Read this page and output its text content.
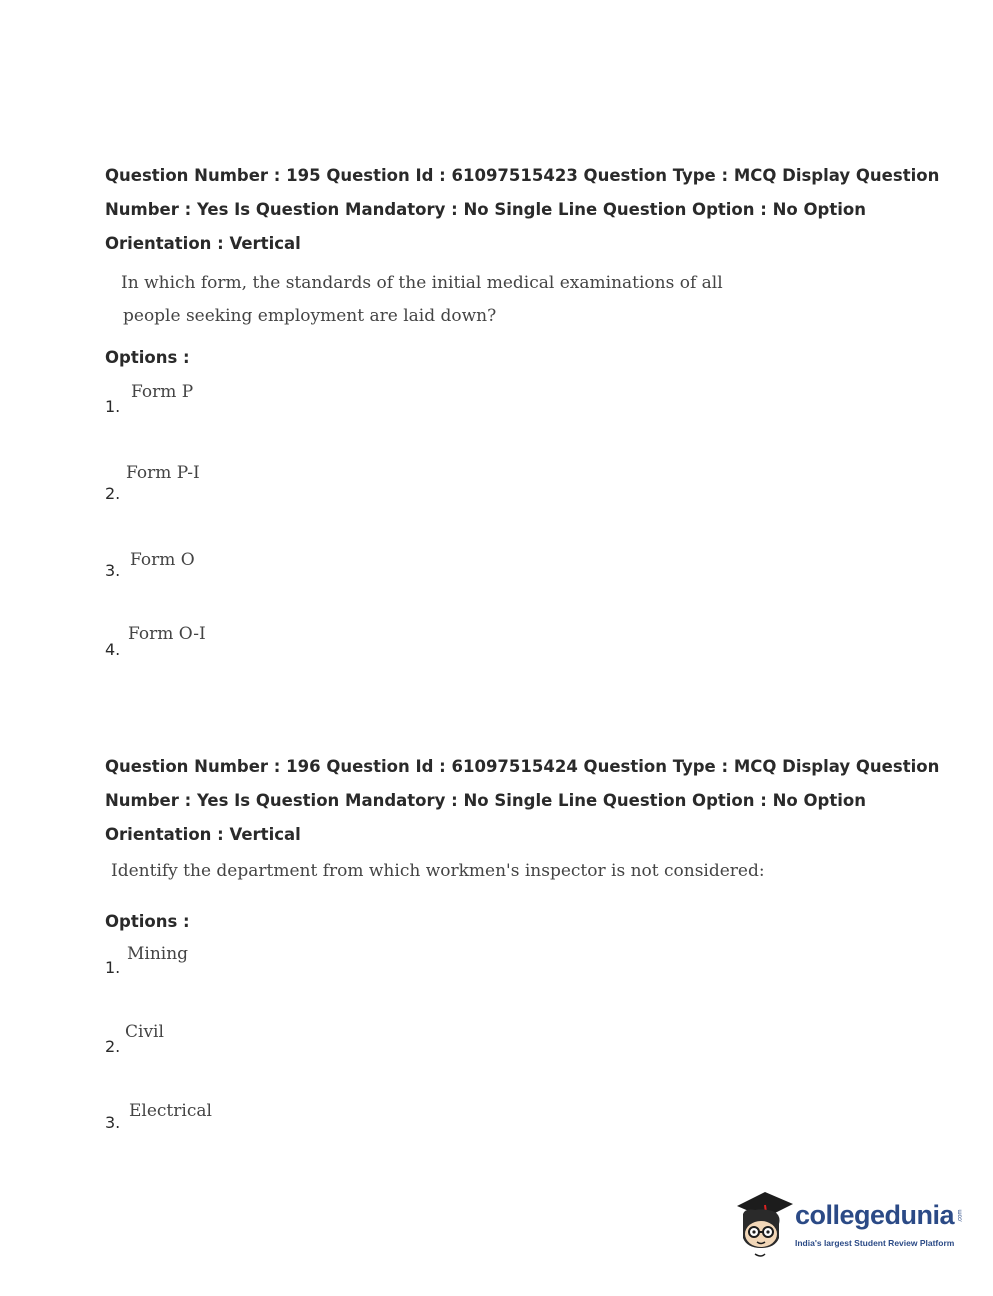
Question Number : 195 Question Id : 61097515423 Question Type : MCQ Display Question
Number : Yes Is Question Mandatory : No Single Line Question Option : No Option
Orientation : Vertical
In which form, the standards of the initial medical examinations of all
people seeking employment are laid down?
Options :
1.
Form P
2.
Form P-I
3.
Form O
4.
Form O-I
Question Number : 196 Question Id : 61097515424 Question Type : MCQ Display Question
Number : Yes Is Question Mandatory : No Single Line Question Option : No Option
Orientation : Vertical
Identify the department from which workmen's inspector is not considered:
Options :
1.
Mining
2.
Civil
3.
Electrical
collegedunia .com
India's largest Student Review Platform
